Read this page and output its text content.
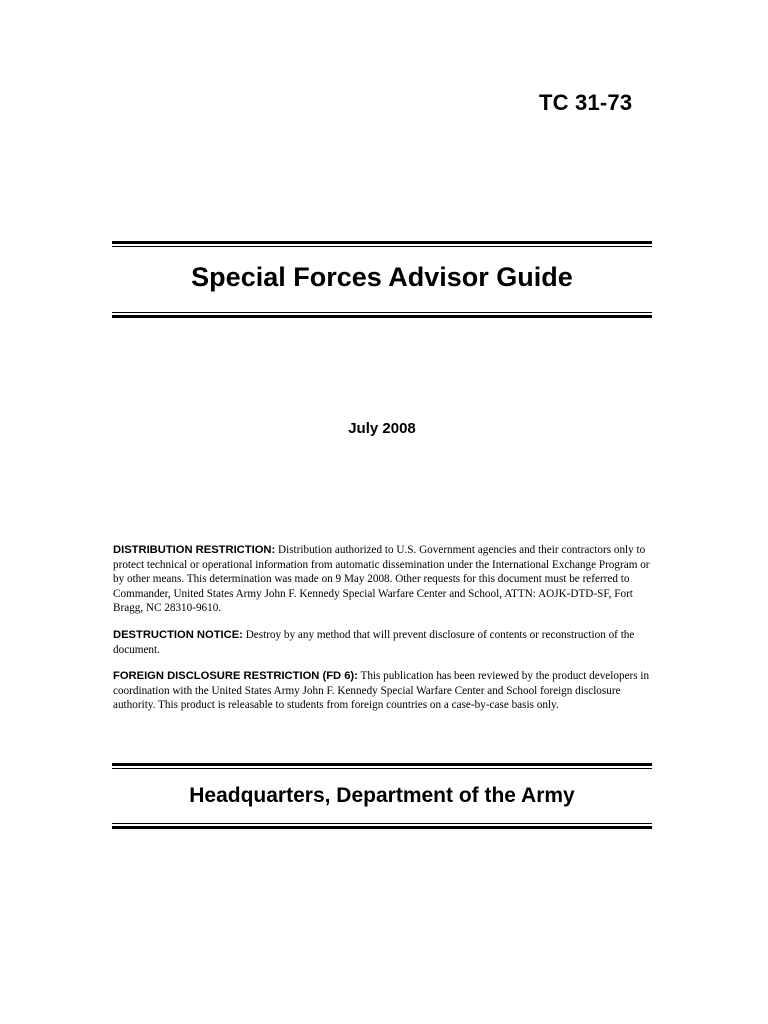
TC 31-73
Special Forces Advisor Guide
July 2008
DISTRIBUTION RESTRICTION: Distribution authorized to U.S. Government agencies and their contractors only to protect technical or operational information from automatic dissemination under the International Exchange Program or by other means. This determination was made on 9 May 2008. Other requests for this document must be referred to Commander, United States Army John F. Kennedy Special Warfare Center and School, ATTN: AOJK-DTD-SF, Fort Bragg, NC 28310-9610.
DESTRUCTION NOTICE: Destroy by any method that will prevent disclosure of contents or reconstruction of the document.
FOREIGN DISCLOSURE RESTRICTION (FD 6): This publication has been reviewed by the product developers in coordination with the United States Army John F. Kennedy Special Warfare Center and School foreign disclosure authority. This product is releasable to students from foreign countries on a case-by-case basis only.
Headquarters, Department of the Army
